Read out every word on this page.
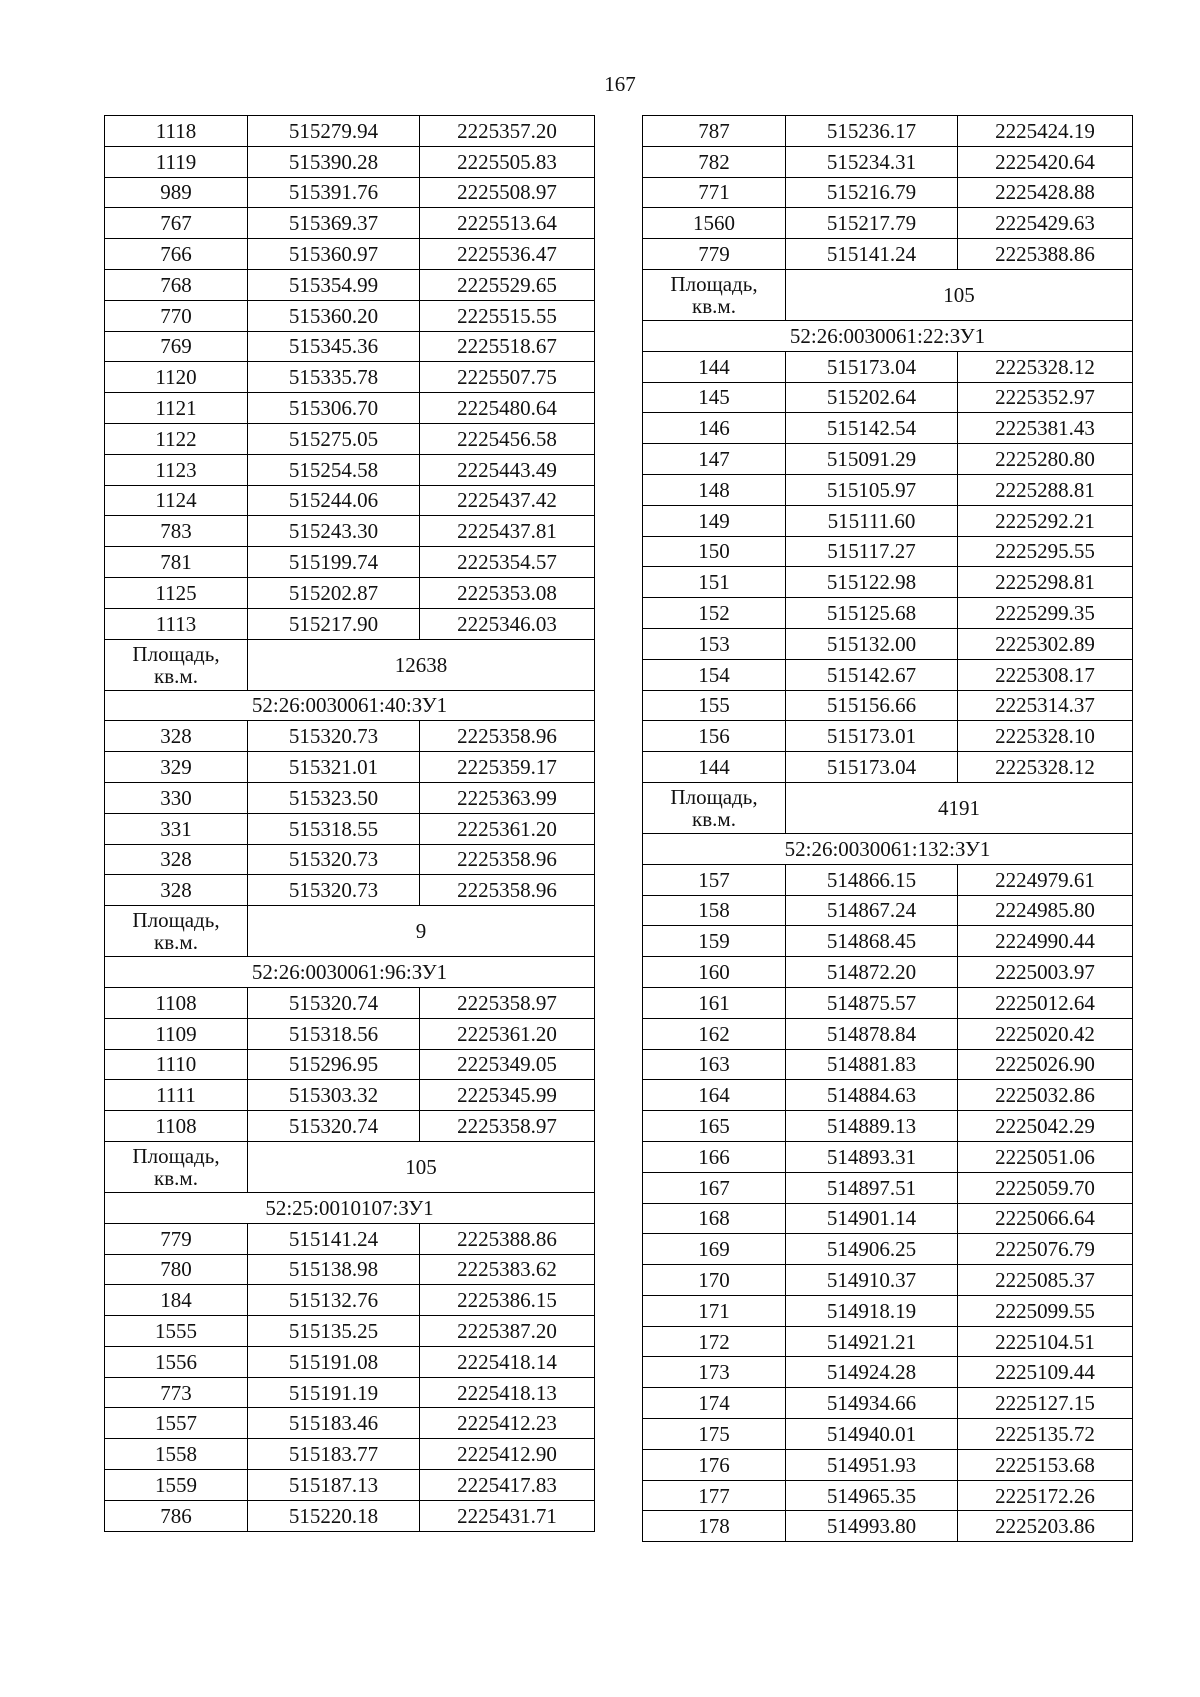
167
1118	515279.94	2225357.20
1119	515390.28	2225505.83
989	515391.76	2225508.97
767	515369.37	2225513.64
766	515360.97	2225536.47
768	515354.99	2225529.65
770	515360.20	2225515.55
769	515345.36	2225518.67
1120	515335.78	2225507.75
1121	515306.70	2225480.64
1122	515275.05	2225456.58
1123	515254.58	2225443.49
1124	515244.06	2225437.42
783	515243.30	2225437.81
781	515199.74	2225354.57
1125	515202.87	2225353.08
1113	515217.90	2225346.03

Площадь,
кв.м.	12638	
52:26:0030061:40:ЗУ1		
328	515320.73	2225358.96
329	515321.01	2225359.17
330	515323.50	2225363.99
331	515318.55	2225361.20
328	515320.73	2225358.96
328	515320.73	2225358.96

Площадь,
кв.м.	9	
52:26:0030061:96:ЗУ1		
1108	515320.74	2225358.97
1109	515318.56	2225361.20
1110	515296.95	2225349.05
1111	515303.32	2225345.99
1108	515320.74	2225358.97

Площадь,
кв.м.	105	
52:25:0010107:ЗУ1		
779	515141.24	2225388.86
780	515138.98	2225383.62
184	515132.76	2225386.15
1555	515135.25	2225387.20
1556	515191.08	2225418.14
773	515191.19	2225418.13
1557	515183.46	2225412.23
1558	515183.77	2225412.90
1559	515187.13	2225417.83
786	515220.18	2225431.71
787	515236.17	2225424.19
782	515234.31	2225420.64
771	515216.79	2225428.88
1560	515217.79	2225429.63
779	515141.24	2225388.86

Площадь,
кв.м.	105	
52:26:0030061:22:ЗУ1		
144	515173.04	2225328.12
145	515202.64	2225352.97
146	515142.54	2225381.43
147	515091.29	2225280.80
148	515105.97	2225288.81
149	515111.60	2225292.21
150	515117.27	2225295.55
151	515122.98	2225298.81
152	515125.68	2225299.35
153	515132.00	2225302.89
154	515142.67	2225308.17
155	515156.66	2225314.37
156	515173.01	2225328.10
144	515173.04	2225328.12

Площадь,
кв.м.	4191	
52:26:0030061:132:ЗУ1		
157	514866.15	2224979.61
158	514867.24	2224985.80
159	514868.45	2224990.44
160	514872.20	2225003.97
161	514875.57	2225012.64
162	514878.84	2225020.42
163	514881.83	2225026.90
164	514884.63	2225032.86
165	514889.13	2225042.29
166	514893.31	2225051.06
167	514897.51	2225059.70
168	514901.14	2225066.64
169	514906.25	2225076.79
170	514910.37	2225085.37
171	514918.19	2225099.55
172	514921.21	2225104.51
173	514924.28	2225109.44
174	514934.66	2225127.15
175	514940.01	2225135.72
176	514951.93	2225153.68
177	514965.35	2225172.26
178	514993.80	2225203.86
